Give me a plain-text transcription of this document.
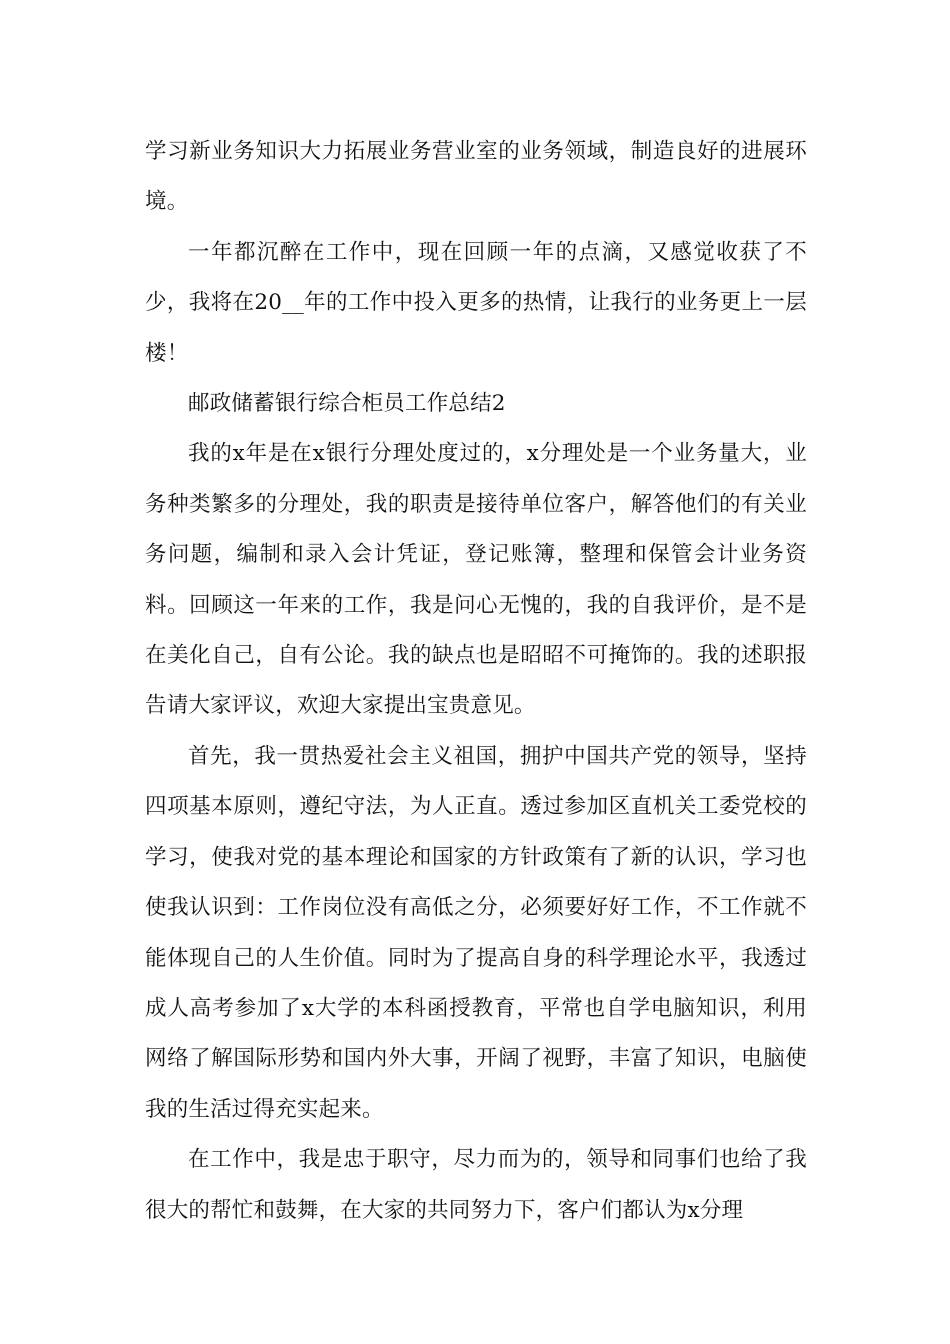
学习新业务知识大力拓展业务营业室的业务领域，制造良好的进展环境。

一年都沉醉在工作中，现在回顾一年的点滴，又感觉收获了不少，我将在20__年的工作中投入更多的热情，让我行的业务更上一层楼！

邮政储蓄银行综合柜员工作总结2

我的x年是在x银行分理处度过的，x分理处是一个业务量大，业务种类繁多的分理处，我的职责是接待单位客户，解答他们的有关业务问题，编制和录入会计凭证，登记账簿，整理和保管会计业务资料。回顾这一年来的工作，我是问心无愧的，我的自我评价，是不是在美化自己，自有公论。我的缺点也是昭昭不可掩饰的。我的述职报告请大家评议，欢迎大家提出宝贵意见。

首先，我一贯热爱社会主义祖国，拥护中国共产党的领导，坚持四项基本原则，遵纪守法，为人正直。透过参加区直机关工委党校的学习，使我对党的基本理论和国家的方针政策有了新的认识，学习也使我认识到：工作岗位没有高低之分，必须要好好工作，不工作就不能体现自己的人生价值。同时为了提高自身的科学理论水平，我透过成人高考参加了x大学的本科函授教育，平常也自学电脑知识，利用网络了解国际形势和国内外大事，开阔了视野，丰富了知识，电脑使我的生活过得充实起来。

在工作中，我是忠于职守，尽力而为的，领导和同事们也给了我很大的帮忙和鼓舞，在大家的共同努力下，客户们都认为x分理
